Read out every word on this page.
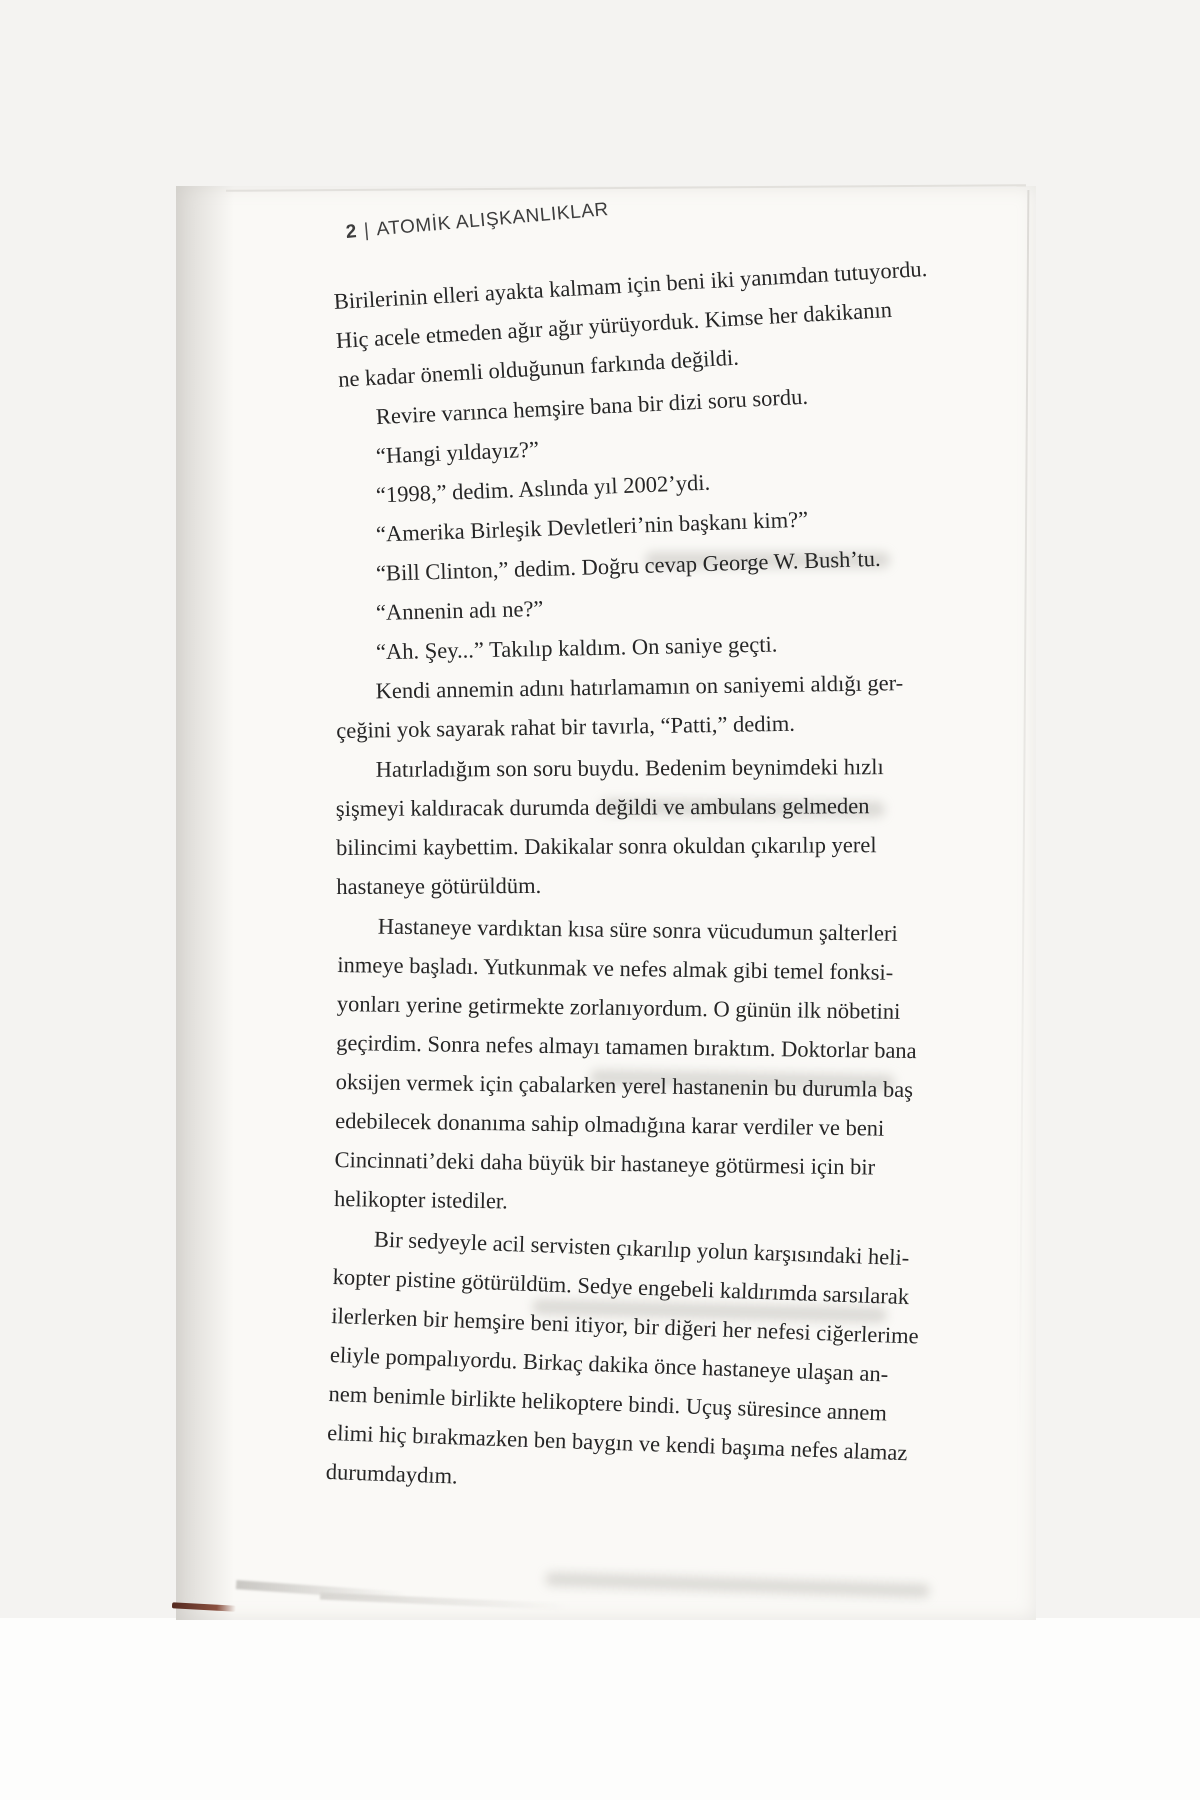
2 | ATOMİK ALIŞKANLIKLAR

Birilerinin elleri ayakta kalmam için beni iki yanımdan tutuyordu.
Hiç acele etmeden ağır ağır yürüyorduk. Kimse her dakikanın
ne kadar önemli olduğunun farkında değildi.

Revire varınca hemşire bana bir dizi soru sordu.

“Hangi yıldayız?”

“1998,” dedim. Aslında yıl 2002’ydi.

“Amerika Birleşik Devletleri’nin başkanı kim?”

“Bill Clinton,” dedim. Doğru cevap George W. Bush’tu.

“Annenin adı ne?”

“Ah. Şey...” Takılıp kaldım. On saniye geçti.

Kendi annemin adını hatırlamamın on saniyemi aldığı ger-
çeğini yok sayarak rahat bir tavırla, “Patti,” dedim.

Hatırladığım son soru buydu. Bedenim beynimdeki hızlı
şişmeyi kaldıracak durumda değildi ve ambulans gelmeden
bilincimi kaybettim. Dakikalar sonra okuldan çıkarılıp yerel
hastaneye götürüldüm.

Hastaneye vardıktan kısa süre sonra vücudumun şalterleri
inmeye başladı. Yutkunmak ve nefes almak gibi temel fonksi-
yonları yerine getirmekte zorlanıyordum. O günün ilk nöbetini
geçirdim. Sonra nefes almayı tamamen bıraktım. Doktorlar bana
oksijen vermek için çabalarken yerel hastanenin bu durumla baş
edebilecek donanıma sahip olmadığına karar verdiler ve beni
Cincinnati’deki daha büyük bir hastaneye götürmesi için bir
helikopter istediler.

Bir sedyeyle acil servisten çıkarılıp yolun karşısındaki heli-
kopter pistine götürüldüm. Sedye engebeli kaldırımda sarsılarak
ilerlerken bir hemşire beni itiyor, bir diğeri her nefesi ciğerlerime
eliyle pompalıyordu. Birkaç dakika önce hastaneye ulaşan an-
nem benimle birlikte helikoptere bindi. Uçuş süresince annem
elimi hiç bırakmazken ben baygın ve kendi başıma nefes alamaz
durumdaydım.
